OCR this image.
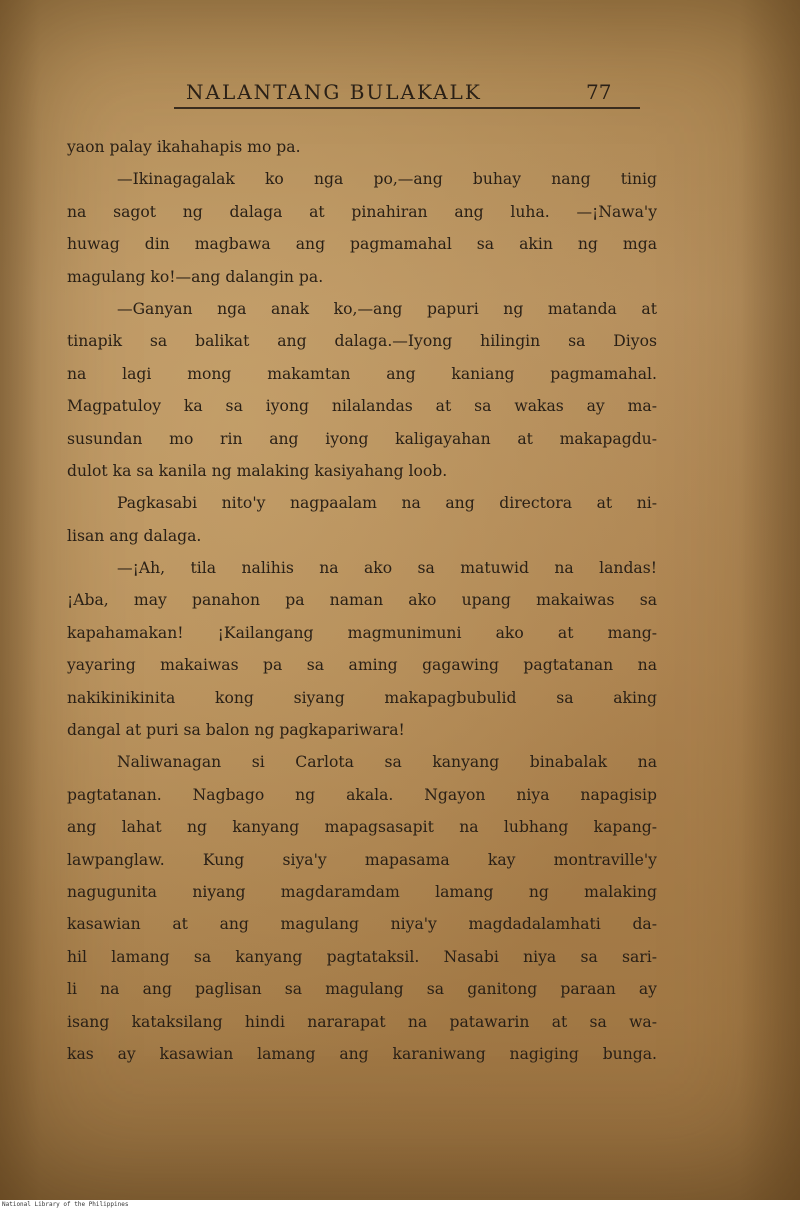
NALANTANG BULAKALK	77
yaon palay ikahahapis mo pa.
—Ikinagagalak ko nga po,—ang buhay nang tinig
na sagot ng dalaga at pinahiran ang luha. —¡Nawa'y
huwag din magbawa ang pagmamahal sa akin ng mga
magulang ko!—ang dalangin pa.
—Ganyan nga anak ko,—ang papuri ng matanda at
tinapik sa balikat ang dalaga.—Iyong hilingin sa Diyos
na lagi mong makamtan ang kaniang pagmamahal.
Magpatuloy ka sa iyong nilalandas at sa wakas ay ma-
susundan mo rin ang iyong kaligayahan at makapagdu-
dulot ka sa kanila ng malaking kasiyahang loob.
Pagkasabi nito'y nagpaalam na ang directora at ni-
lisan ang dalaga.
—¡Ah, tila nalihis na ako sa matuwid na landas!
¡Aba, may panahon pa naman ako upang makaiwas sa
kapahamakan! ¡Kailangang magmunimuni ako at mang-
yayaring makaiwas pa sa aming gagawing pagtatanan na
nakikinikinita kong siyang makapagbubulid sa aking
dangal at puri sa balon ng pagkapariwara!
Naliwanagan si Carlota sa kanyang binabalak na
pagtatanan. Nagbago ng akala. Ngayon niya napagisip
ang lahat ng kanyang mapagsasapit na lubhang kapang-
lawpanglaw. Kung siya'y mapasama kay montraville'y
nagugunita niyang magdaramdam lamang ng malaking
kasawian at ang magulang niya'y magdadalamhati da-
hil lamang sa kanyang pagtataksil. Nasabi niya sa sari-
li na ang paglisan sa magulang sa ganitong paraan ay
isang kataksilang hindi nararapat na patawarin at sa wa-
kas ay kasawian lamang ang karaniwang nagiging bunga.
National Library of the Philippines
